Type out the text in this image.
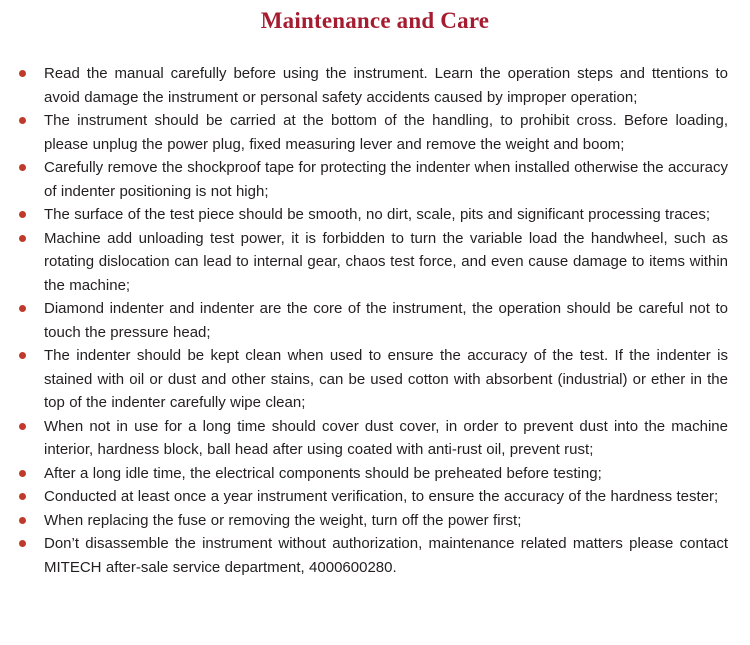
Maintenance and Care
Read the manual carefully before using the instrument. Learn the operation steps and ttentions to avoid damage the instrument or personal safety accidents caused by improper operation;
The instrument should be carried at the bottom of the handling, to prohibit cross. Before loading, please unplug the power plug, fixed measuring lever and remove the weight and boom;
Carefully remove the shockproof tape for protecting the indenter when installed otherwise the accuracy of indenter positioning is not high;
The surface of the test piece should be smooth, no dirt, scale, pits and significant processing traces;
Machine add unloading test power, it is forbidden to turn the variable load the handwheel, such as rotating dislocation can lead to internal gear, chaos test force, and even cause damage to items within the machine;
Diamond indenter and indenter are the core of the instrument, the operation should be careful not to touch the pressure head;
The indenter should be kept clean when used to ensure the accuracy of the test. If the indenter is stained with oil or dust and other stains, can be used cotton with absorbent (industrial) or ether in the top of the indenter carefully wipe clean;
When not in use for a long time should cover dust cover, in order to prevent dust into the machine interior, hardness block, ball head after using coated with anti-rust oil, prevent rust;
After a long idle time, the electrical components should be preheated before testing;
Conducted at least once a year instrument verification, to ensure the accuracy of the hardness tester;
When replacing the fuse or removing the weight, turn off the power first;
Don’t disassemble the instrument without authorization, maintenance related matters please contact MITECH after-sale service department, 4000600280.
